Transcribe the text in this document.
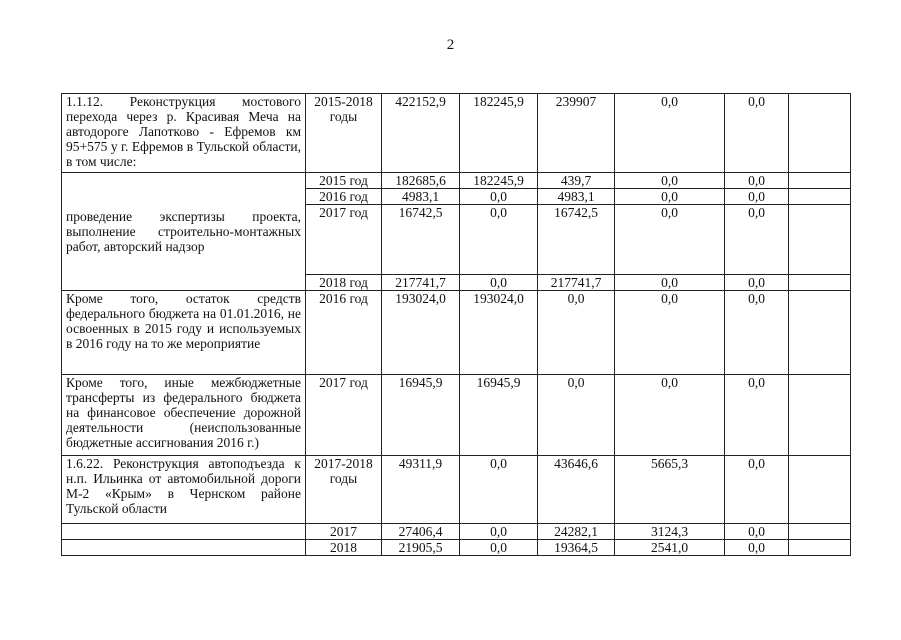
2
1.1.12. Реконструкция мостового перехода через р. Красивая Меча на автодороге Лапотково - Ефремов км 95+575 у г. Ефремов в Тульской области, в том числе:	2015-2018 годы	422152,9	182245,9	239907	0,0	0,0	
проведение экспертизы проекта, выполнение строительно-монтажных работ, авторский надзор	2015 год	182685,6	182245,9	439,7	0,0	0,0	
	2016 год	4983,1	0,0	4983,1	0,0	0,0	
	2017 год	16742,5	0,0	16742,5	0,0	0,0	
	2018 год	217741,7	0,0	217741,7	0,0	0,0	
Кроме того, остаток средств федерального бюджета на 01.01.2016, не освоенных в 2015 году и используемых в 2016 году на то же мероприятие	2016 год	193024,0	193024,0	0,0	0,0	0,0	
Кроме того, иные межбюджетные трансферты из федерального бюджета на финансовое обеспечение дорожной деятельности (неиспользованные бюджетные ассигнования 2016 г.)	2017 год	16945,9	16945,9	0,0	0,0	0,0	
1.6.22. Реконструкция автоподъезда к н.п. Ильинка от автомобильной дороги М-2 «Крым» в Чернском районе Тульской области	2017-2018 годы	49311,9	0,0	43646,6	5665,3	0,0	
	2017	27406,4	0,0	24282,1	3124,3	0,0	
	2018	21905,5	0,0	19364,5	2541,0	0,0	
